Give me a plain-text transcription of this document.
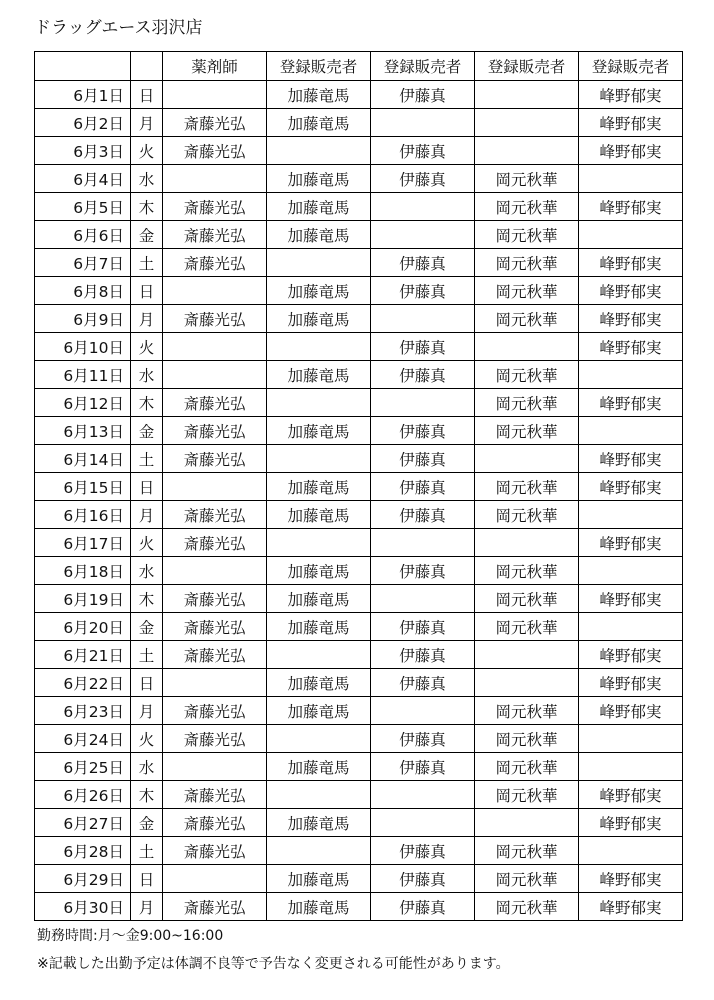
ドラッグエース羽沢店
		薬剤師	登録販売者	登録販売者	登録販売者	登録販売者
6月1日	日		加藤竜馬	伊藤真		峰野郁実
6月2日	月	斎藤光弘	加藤竜馬			峰野郁実
6月3日	火	斎藤光弘		伊藤真		峰野郁実
6月4日	水		加藤竜馬	伊藤真	岡元秋華	
6月5日	木	斎藤光弘	加藤竜馬		岡元秋華	峰野郁実
6月6日	金	斎藤光弘	加藤竜馬		岡元秋華	
6月7日	土	斎藤光弘		伊藤真	岡元秋華	峰野郁実
6月8日	日		加藤竜馬	伊藤真	岡元秋華	峰野郁実
6月9日	月	斎藤光弘	加藤竜馬		岡元秋華	峰野郁実
6月10日	火			伊藤真		峰野郁実
6月11日	水		加藤竜馬	伊藤真	岡元秋華	
6月12日	木	斎藤光弘			岡元秋華	峰野郁実
6月13日	金	斎藤光弘	加藤竜馬	伊藤真	岡元秋華	
6月14日	土	斎藤光弘		伊藤真		峰野郁実
6月15日	日		加藤竜馬	伊藤真	岡元秋華	峰野郁実
6月16日	月	斎藤光弘	加藤竜馬	伊藤真	岡元秋華	
6月17日	火	斎藤光弘				峰野郁実
6月18日	水		加藤竜馬	伊藤真	岡元秋華	
6月19日	木	斎藤光弘	加藤竜馬		岡元秋華	峰野郁実
6月20日	金	斎藤光弘	加藤竜馬	伊藤真	岡元秋華	
6月21日	土	斎藤光弘		伊藤真		峰野郁実
6月22日	日		加藤竜馬	伊藤真		峰野郁実
6月23日	月	斎藤光弘	加藤竜馬		岡元秋華	峰野郁実
6月24日	火	斎藤光弘		伊藤真	岡元秋華	
6月25日	水		加藤竜馬	伊藤真	岡元秋華	
6月26日	木	斎藤光弘			岡元秋華	峰野郁実
6月27日	金	斎藤光弘	加藤竜馬			峰野郁実
6月28日	土	斎藤光弘		伊藤真	岡元秋華	
6月29日	日		加藤竜馬	伊藤真	岡元秋華	峰野郁実
6月30日	月	斎藤光弘	加藤竜馬	伊藤真	岡元秋華	峰野郁実
勤務時間:月～金9:00~16:00
※記載した出勤予定は体調不良等で予告なく変更される可能性があります。
